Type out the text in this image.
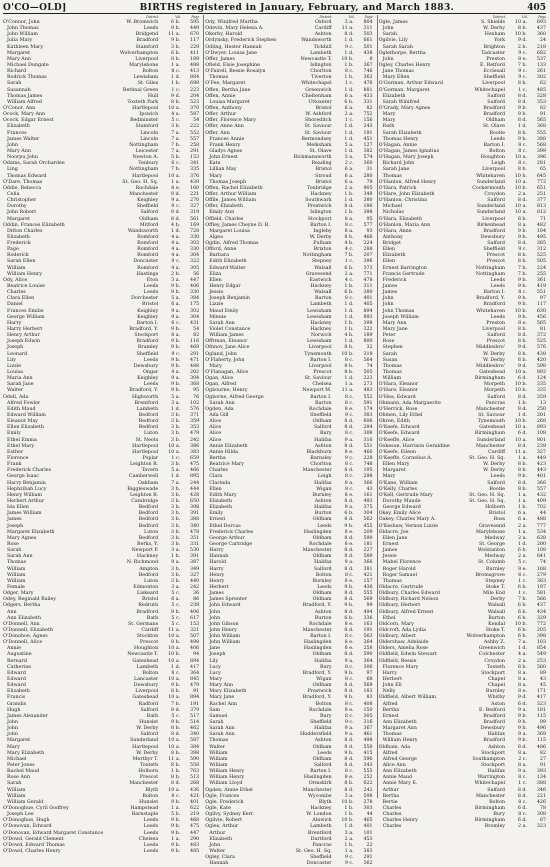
O'CO—OLD]	BIRTHS registered in January, February, and March 1883.	405
District.	Vol.	Page
O'Connor, John	W. Bromwich	6 b.	595
John Thomas	Leeds	9 b.	449
John William	Bridgend	11 a.	670
Julia Mary	Bradford	9 b.	117
Kathleen Mary	Stamford	3 b.	229
Margaret	Wolverhampton	6 b.	411
Mary Ann	Liverpool	8 b.	189
Michael Dungate	Marylebone	1 a.	488
Richard	Bolton	8 c.	413
Rodrick Thomas	Lewisham	1 d.	884
Sarah	St. Giles	1 b.	698
Susannah	Bethnal Green	1 c.	223
Thomas James	Hull	9 d.	204
William Alfred	Toxteth Park	8 b.	523
O'Conor, Ann	Hartlepool	10 a.	370
Ocock, Mary Ann	Ipswich	4 a.	587
Ocock, Edgar Ernest	Bedminster	5 c.	54
Elizabeth	Stamford	3 b.	222
Frances	Lincoln	7 a.	552
James Walter	Lincoln	7 a.	557
John	Nottingham	7 b.	258
Mary Ann	Leicester	7 a.	291
Noorpu John	Newton A.	5 b.	153
Odams, Sarah Orchardee	Tenbury	6 c.	341
Ling	Nottingham	7 b.	335
Thomas Edward	Hartlepool	10 a.	376
O'Dare, Thomas	St. Geo. H. Sq.	1 a.	439
Oddie, Rebecca	Rochdale	8 e.	160
Celia	Manchester	8 d.	221
Christopher	Keighley	9 a.	270
Dorothy	Sheffield	9 c.	327
John Robert	Salford	8 d.	319
Margaret	Oldham	8 d.	561
Oddin, Frances Elizabeth	Mitford	4 b.	169
Ditton Charles	Wandsworth	1 d.	728
Elizabeth	Romford	4 a.	330
Frederick	Romford	4 a.	303
Page	Romford	4 a.	330
Roderick	Romford	4 a.	304
Sarah Ellen	Doncaster	9 c.	322
William	Romford	4 a.	305
William Henry	Hastings	2 b.	56
Ody, Alice	Eton	3 a.	447
Beatrice Louise	Leeds	9 b.	406
Charles	Leeds	9 b.	330
Clara Ellen	Dorchester	5 a.	384
Daniel	Bristol	6 a.	175
Frances Emilie	Keighley	9 a.	302
George William	Keighley	9 a.	304
Harry	Barton I.	6 c.	431
Harry Herbert	Bradford, Y.	9 b.	54
Henry Arthur	Stockport	8 a.	82
Joseph Edwin	Bradford	9 b.	116
Joseph	Bramley	9 b.	469
Leonard	Sheffield	9 c.	291
Lily	Leeds	9 b.	471
Lizzie	Dewsbury	9 b.	488
Louisa	Ongar	4 a.	202
Maria Ann	Keighley	9 a.	304
Sarah Jane	Leeds	9 b.	368
Walter	Bradford, Y.	9 b.	95
Odell, Ada	Highworth	5 a.	76
Alfred Fowler	Brentford	3 a.	102
Edith Maud	Lambeth	1 d.	576
Edward William	Bedford	3 b.	371
Eleanor May	Bedford	3 b.	359
Ellen Elizabeth	Bedford	3 b.	353
Emily	Luton	3 b.	479
Ethel Emma	St. Neots	3 b.	242
Ethel Mary	Hartlepool	10 a.	386
Esther	Hartlepool	10 a.	383
Florence	Poplar	1 c.	659
Frank	Leighton B.	3 b.	475
Frederick Charles	Tavern	5 a.	466
George Isaac	Camberwell	1 d.	895
Harry Benjamin	Oakham	7 a.	244
Hephzibah Lucy	Biggleswade	3 b.	444
Henry William	Leighton B.	3 b.	428
Herbert Arthur	Cambridge	3 b.	650
Ida Ellen	Bedford	3 b.	398
James William	Bedford	3 b.	391
James	Bedford	3 b.	388
Joseph	Bedford	3 b.	340
Margaret Elizabeth	Luton	3 b.	478
Mary Agnes	Bedford	3 b.	351
Rose	Berks, Y.	3 b.	331
Sarah	Newport P.	3 a.	530
Sarah Ann	Hackney	1 b.	391
Thomas	N. Richmond	9 a.	387
William	Ampton	3 b.	349
William	Bedford	3 b.	327
William	Luton	3 b.	440
Female	Edmonton	3 a.	242
Odger, Mary	Liskeard	5 c.	36
Odey, Reginald Bailey	Bristol	6 a.	86
Odgers, Bertha	Redruth	5 c.	239
Ann	Bradford	9 b.	406
Ann Elizabeth	Bath	5 c.	617
O'Donnell, Ann	St. Germans	5 c.	153
O'Donnell, Elizabeth	Cardiff	11 a.	321
O'Donohoe, Agnes	Stockton	10 a.	507
O'Donnell, Alice	Prescot	8 b.	498
Annie	Houghton	10 a.	406
Augustine	Newcastle T.	10 b.	94
Bernard	Gateshead	10 a.	894
Catherine	Lambeth	1 d.	417
Edward	Bolton	8 c.	364
Edward	Lancaster	10 a.	845
Edward	Dewsbury	9 b.	479
Elizabeth	Liverpool	8 b.	91
Francis	Gateshead	10 a.	894
Grandis	Radford	7 b.	191
Hugh	Salford	8 d.	379
James Alexander	Bath	5 c.	517
John	Hunslet	9 b.	514
John	W. Derby	8 b.	462
John	Salford	8 d.	340
Margaret	Sunderland	10 a.	587
Mary	Hartlepool	10 a.	384
Mary Elizabeth	W. Derby	8 b.	398
Michael	Merthyr T.	11 a.	590
Peter Jones	Toxteth	8 b.	558
Rachel Maud	Holborn	1 b.	763
Rose Ann	Prescot	8 b.	513
Sarah	Manchester	8 d.	268
William	Blyth	10 a.	436
William	Bolton	8 c.	421
William Gerald	Hunslet	9 b.	401
O'Donoghue, Cyril Godfrey	Hampstead	1 a.	622
Joseph Lee	Barnstaple	5 b.	219
O'Donoghue, Hugh	Leeds	9 b.	468
O'Donovan, Edward	Leeds	9 b.	475
O'Donovan, Edward Margaret Constance	Leeds	9 b.	447
O'Dowd, Gerald Clement	Chelsea	1 a.	290
O'Dowd, Edward Thomas	Leeds	9 b.	483
O'Dowd, Charles Henry	Leeds	9 b.	485
District.	Vol.	Page
Ody, Winifred Martha	Oxford	3 a.	804
Odevin, Mary Helena A.	Cardiff	11 a.	311
Okerby, Harold	Ashton	8 d.	503
Ordynsky, Frederick Stephen	Wandsworth	1 d.	661
Odling, Hester Hannah	Tickhill	9 c.	501
O'Dwyer, Louisa Jane	Lambeth	1 d.	438
Offer, James	Newcastle T.	10 b.	8
Ofield, Elsie Josephine	Islington	1 b.	367
O'Fairell, Bessie Rosalyn	Chorlton	8 c.	746
Thomas	Tiverton	1 b.	362
O'Fee, Margaret	Whitechapel	1 c.	476
Offen, Bertha Jane	Greenwich	1 d.	881
Offen, Annie	Cheltenham	6 a.	433
Louisa Margaret	Uttoxeter	6 b.	331
Offen, Anthony	Bristol	6 a.	82
Offer, Arthur	W. Ashford	2 a.	752
Offer, Florence Mary	Shoreditch	1 c.	156
Offer, Anne Ann	St. Saviour	1 d.	243
Offer, Ann	St. Saviour	1 d.	191
Frances Annie	Bermondsey	1 d.	451
Frank Henry	Melksham	5 a.	127
Gladys Agnes	St. Olave	1 d.	382
John Ernest	Rickmansworth	3 a.	574
Kate	Reading	2 c.	360
Lillian May	Bristol	6 a.	31
Mary	Stroud	6 a.	280
Thomas Joseph	Bristol	6 a.	79
Offen, Rachel Elizabeth	Tonbridge	2 a.	905
Offer, Arthur William	Hackney	1 b.	348
Offile, James William	Southwark	1 d.	380
Offer, Elizabeth	Prestwich	8 d.	186
Emily Ann	Islington	1 b.	398
Offield, Charles	Stockport	8 a.	95
Offley, James Cheyne D. B.	Barton I.	8 c.	577
Margaret Louisa	Ingleby	8 a.	93
Algea	W. Derby	8 b.	466
Ogdin, Alfred Thomas	Pulham	4 b.	224
Offord, Anne	Brixton	4 c.	288
Barbara	Nottingham	7 b.	207
Edith Elizabeth	Stepney	1 c.	396
Edward Walter	Walsall	6 b.	373
Eliza	Gravesend	2 a.	771
Ellen	Eastwich	4 c.	478
Henry Edgar	Hackney	1 b.	311
Jessie	Walsall	6 b.	380
Joseph Benjamin	Barton	8 c.	401
Lizzie	Lambeth	1 d.	405
Maud Emily	Lewisham	1 d.	894
Minnie	Lewisham	1 d.	893
Sarah Ann	Hackney	1 b.	398
Violet Constance	Hackney	1 b.	322
William James	Norwich	4 b.	189
Offrman, Eleanor	Lewisham	1 d.	800
Ofnnov, Jane Alice	Liverpool	8 b.	32
Ogland, John	Tynemouth	10 b.	319
O'Flaherty, John	Barton I.	8 c.	564
Mary	Liverpool	8 b.	74
O'Flanagan, Alice	Prescot	8 b.	505
Ogan, Alice	St. Saviour	1 d.	223
Ogan, Alfred	Chelsea	1 a.	273
Ogbourne, Henry	Newport M.	11 a.	483
Ogborne, Alfred George	Barton I.	8 c.	552
Sarah Ann	Barton	8 c.	591
Ogden, Ada	Rochdale	8 e.	174
Ada Gill	Sheffield	9 c.	383
Alice	Oldham	8 d.	606
Alice	Salford	8 d.	284
Alice	Bury	8 c.	308
Alice	Halifax	9 a.	316
Annie Elizabeth	Ashton	8 d.	551
Annie Hilda	Blackburn	8 e.	466
Bertha	Barnsley	9 c.	228
Beatrice Mary	Chorlton	8 c.	748
Charles	Manchester	8 d.	195
Clara	Leigh	8 c.	298
Clarinda	Halifax	9 a.	366
Ellen	Wigan	8 c.	43
Edith Mary	Burnley	8 e.	161
Elizabeth	Ashton	8 d.	493
Elizabeth	Halifax	9 a.	375
Emily	Burton	6 b.	304
Ernest	Oldham	8 d.	562
Ethel Dorcas	Leeds	9 b.	455
Frederick Charles	Haslingden	8 e.	209
George Arthur	Oldham	8 d.	590
George Cartridge	Rochdale	8 e.	181
Harry	Manchester	8 d.	227
Hannah	Oldham	8 d.	589
Harold	Halifax	9 a.	366
Harry	Salford	8 d.	381
Henry	Bolton	8 c.	421
Henry	Burnley	8 e.	157
Herbert	Leeds	9 b.	436
James	Oldham	8 d.	555
James Sprenter	Oldham	8 d.	569
John Edward	Bradford, Y.	9 b.	99
John	Ashton	8 d.	494
John	Burton	6 b.	336
John Gibson	Rochdale	8 e.	163
John Henry	Manchester	8 d.	191
John William	Barton I.	8 c.	563
John William	Haslingden	8 e.	264
Jane	Haslingden	8 e.	258
Joseph	Oldham	8 d.	590
Lily	Halifax	9 a.	364
Lucy	Bury	8 c.	306
Lucy	Bradford, Y.	9 b.	97
Mary	Wigan	8 c.	68
Mary Ann	Oldham	8 d.	569
Mary Elizabeth	Prestwich	8 d.	183
Mary Jane	Bradford, Y.	9 b.	83
Rachel Ann	Bolton	8 c.	408
Sam	Rochdale	8 e.	150
Samuel	Bury	8 c.	305
Sarah	Sheffield	9 c.	316
Sarah Ann	Halifax	9 a.	367
Sarah Ann	Huddersfield	9 a.	461
Thomas	Ashton	8 d.	498
Walter	Oldham	8 d.	558
William	Leeds	9 b.	415
William	Oldham	8 d.	596
William	Salford	8 d.	343
William Henry	Barton I.	8 c.	555
William Henry	Haslingden	8 e.	252
William Lloyd	Ormskirk	8 b.	622
Ogden, Annie Ethel	Manchester	8 d.	242
Ogle, Frances	Wycombe	3 a.	598
Ogle, Frederick	Blyth	10 b.	278
Ogle, Kate	Hackney	1 b.	303
Ogilvy, Sydney Kerr	W. London	1 b.	44
Ogilvie, Robert	Alnwick	10 b.	465
Ogles, Arthur	Lambeth	1 d.	401
Arthur	Brentford	3 a.	101
Elizabeth	Dartford	2 a.	453
John	Pancras	1 b.	22
Walter	St. Geo. H. Sq.	1 a.	383
Ogley, Clara	Sheffield	9 c.	291
Hannah	Doncaster	9 c.	362
District.	Vol.	Page
Ogle, James	S. Shields	10 a.	693
John	W. Derby	8 b.	437
Sarah	Hexham	10 b.	360
Ogilvie, Lily	York	9 d.	24
Sarah Sarah	Brighton	2 b.	218
Oglethorpe, Bertha	Tadcaster	9 c.	682
John	Preston	8 e.	537
Ogley, Charles Henry	E. Retford	7 b.	133
Jane Thomas	Ecclesall	9 c.	261
Mary Ellen	Sheffield	9 c.	302
O'Gorman, Arthur Edward	Liverpool	8 b.	62
O'Gorman, Margaret	Whitechapel	1 c.	485
Elizabeth	Salford	8 d.	328
Sarah Winifred	Salford	8 d.	353
O'Grady, Mary Agnes	Bradford	9 b.	82
Mary	Bradford	9 b.	91
Mary	Oldham	8 d.	565
Ruth	St. Olave	1 d.	368
Sarah Elizabeth	Bootle	8 b.	555
Thomas Henry	Leeds	9 b.	388
O'Hagan, Annie	Barton I.	8 c.	568
O'Hagan, James Ignatius	Bolton	8 c.	399
O'Hagan, Mary Joseph	Houghton	10 a.	396
Richard John	Leigh	8 c.	281
Sarah Jane	Liverpool	8 b.	65
Thomas	Whitehaven	10 b.	645
O'Hanlon, Alfred Henry	Sunderland	10 a.	772
O'Hara, Patrick	Cockermouth	10 b.	651
O'Hare, John Elizabeth	Croydon	2 a.	251
O'Hanlon, Christina	Salford	8 d.	377
Michael	Sunderland	10 a.	813
Nicholas	Sunderland	10 a.	812
O'Hara, Elizabeth	Liverpool	8 b.	71
O'Hanlon, Maria Ann	Birkenhead	8 a.	482
O'Hara, Anne	Bradford	9 b.	104
Anthony	Dewsbury	9 b.	495
Bridget	Salford	8 d.	385
Ellen	Sheffield	9 c.	312
Elizabeth	Prescot	8 b.	525
Ellen	Prescot	8 b.	505
Ernest Barrington	Nottingham	7 b.	224
Francis Gertrude	Nottingham	7 b.	255
Frederick	Leeds	9 b.	361
James	Leeds	9 b.	419
James	Barton I.	8 c.	551
John	Bradford, Y.	9 b.	97
John	Bradford	9 b.	117
John Thomas	Whitehaven	10 b.	630
Joseph William	Leeds	9 b.	456
Mary Ann	Preston	8 e.	565
Mary Jane	Liverpool	8 b.	81
Peter	Salford	8 d.	372
Rose	Prescot	8 b.	525
Stephen	Middlesbro'	9 d.	576
Sarah	W. Derby	8 b.	438
Susan	W. Derby	8 b.	420
Thomas	Middlesbro'	9 d.	598
Thomas	Gateshead	10 a.	892
William	Birmingham	6 d.	124
O'Hara, Eleanor	Morpeth	10 b.	335
O'Hare, Eleanor	Morpeth	10 b.	335
O'Hea, Edward	Salford	8 d.	359
Ohmann, Ada Marguerite	Pancras	1 b.	13
O'Herrick, Rose	Manchester	8 d.	250
Ohmen, Lily Ethel	St. Saviour	1 d.	201
Ohren, Edith	Tynemouth	10 b.	268
O'Keefe, Edward	Gateshead	10 a.	893
O'Keefe, Edward	Birmingham	6 d.	108
O'Keeffe, Alice	Sunderland	10 a.	801
Ookeson, Harrison Geraldine	Manchester	8 d.	239
O'Keefe, Eileen	Cardiff	11 a.	327
O'Keeffe, Cornelius A.	St. Geo. H. Sq.	1 a.	449
Ellen Mary	W. Derby	8 b.	423
Margaret	W. Derby	8 b.	443
Mary	Leeds	9 b.	401
O'Kane, William	Salford	8 d.	366
O'Kelly, Charles	Bootle	8 b.	557
O'Kell, Gertrude Mary	St. Geo. H. Sq.	1 a.	432
Dorothy Maude	St. Geo. H. Sq.	1 a.	409
George Edward	Holborn	1 b.	702
Okey, Emily Alice	Bristol	6 a.	44
Oakey, Charles Mary A.	Ross	6 a.	488
O'Keshaw, Vernon Lizzie	Gravesend	2 a.	777
Oldacre, Joe	Marylebone	1 a.	534
Ellen Jane	Medway	2 a.	638
Ernest	St. George	1 d.	200
James	Wolstanton	6 b.	108
Jessie	Medway	2 a.	641
Mabel Florence	St. Columb	5 c.	74
Roger Harold	Burnley	8 e.	168
Roger Samuel	Bromsgrove	6 c.	279
Thomas	Stepney	1 c.	363
Oldacre, Gertrude	Stoke T.	6 b.	197
Oldbury, Charles Edward	Mile End	1 c.	581
Oldbury, Richard Nelson	Derby	7 b.	566
Oldbury, Herbert	Walsall	6 b.	437
Oldbury, Alfred Ernest	Walsall	6 b.	434
Ethel	Burton	6 b.	329
Oldcorn, Mary	Kendal	10 b.	772
Oldcroft, Ada Lydia	Stoke T.	6 b.	205
Oldbury, Albert	Wolverhampton	6 b.	398
Oldershaw, Adelaide	Ashby Z.	7 a.	103
Olders, Amelia Rose	Greenwich	1 d.	854
Oldfield, Edwin Stewart	Colchester	4 a.	549
Oldfield, Bessie	Croydon	2 a.	253
Florence Mary	Toxteth	8 b.	560
Harry	Stockport	8 a.	89
Herbert	Chapel	8 a.	43
John Eli	Chapel	8 a.	45
Nelly	Burnley	8 e.	171
Oldfield, Albert William	Whitby	9 d.	417
Alfred	Aston	6 d.	323
Bertha	E. Bedford	9 a.	181
Ernest	Bradford	9 b.	115
Ann Elizabeth	Bradford	9 b.	99
Margaret Ann	Dewsbury	9 b.	496
Thomas	Halifax	9 a.	369
William Henry	Bradford	9 b.	115
Oldham, Ada	Ashton	8 d.	486
Alfred	Stockport	8 a.	82
Alfred George	Southampton	2 c.	27
Alice Ann	Stockport	8 a.	91
Ann Elizabeth	Halifax	9 a.	393
Annie Maud	Warrington	8 c.	134
Annie Mary E.	Whitechapel	1 c.	388
Arthur	Salford	8 d.	346
Bertha	Manchester	8 d.	221
Bertie	Bolton	8 c.	426
Charles	Birmingham	6 d.	78
Charles	Bury	8 c.	308
Charles Henry	Birmingham	6 d.	87
Charles	Bromley	2 a.	323
